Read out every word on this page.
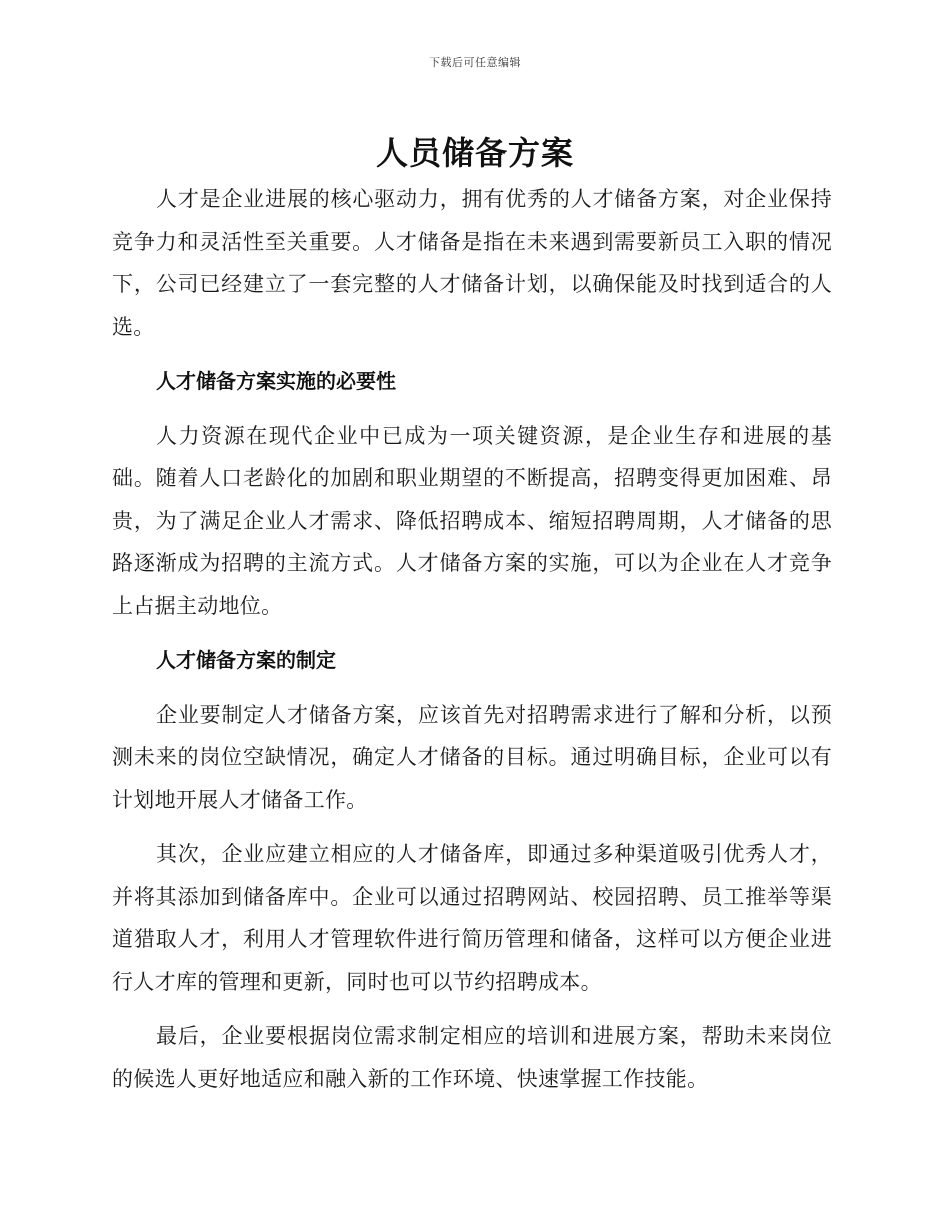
下载后可任意编辑
人员储备方案

人才是企业进展的核心驱动力，拥有优秀的人才储备方案，对企业保持竞争力和灵活性至关重要。人才储备是指在未来遇到需要新员工入职的情况下，公司已经建立了一套完整的人才储备计划，以确保能及时找到适合的人选。

人才储备方案实施的必要性

人力资源在现代企业中已成为一项关键资源，是企业生存和进展的基础。随着人口老龄化的加剧和职业期望的不断提高，招聘变得更加困难、昂贵，为了满足企业人才需求、降低招聘成本、缩短招聘周期，人才储备的思路逐渐成为招聘的主流方式。人才储备方案的实施，可以为企业在人才竞争上占据主动地位。

人才储备方案的制定

企业要制定人才储备方案，应该首先对招聘需求进行了解和分析，以预测未来的岗位空缺情况，确定人才储备的目标。通过明确目标，企业可以有计划地开展人才储备工作。

其次，企业应建立相应的人才储备库，即通过多种渠道吸引优秀人才，并将其添加到储备库中。企业可以通过招聘网站、校园招聘、员工推举等渠道猎取人才，利用人才管理软件进行简历管理和储备，这样可以方便企业进行人才库的管理和更新，同时也可以节约招聘成本。

最后，企业要根据岗位需求制定相应的培训和进展方案，帮助未来岗位的候选人更好地适应和融入新的工作环境、快速掌握工作技能。
